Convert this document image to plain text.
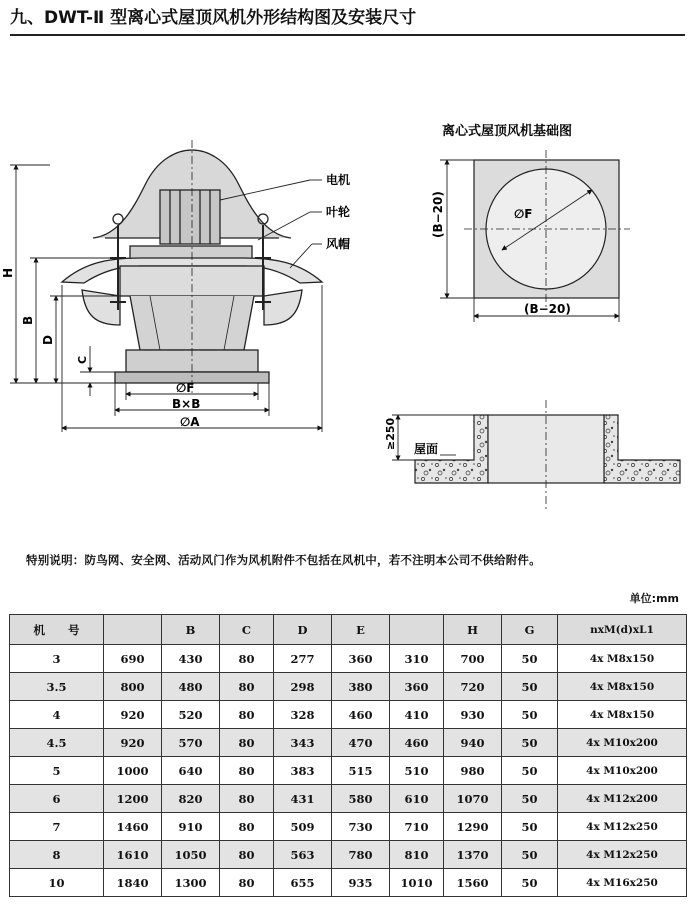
九、DWT-Ⅱ 型离心式屋顶风机外形结构图及安装尺寸
电机
叶轮
风帽
H
B
D
C
∅F
B×B
∅A
离心式屋顶风机基础图
∅F
(B−20)
(B−20)
≥250 屋面
特别说明：防鸟网、安全网、活动风门作为风机附件不包括在风机中，若不注明本公司不供给附件。
单位:mm
机　　号		B	C	D	E		H	G	nxM(d)xL1
3	690	430	80	277	360	310	700	50	4x M8x150
3.5	800	480	80	298	380	360	720	50	4x M8x150
4	920	520	80	328	460	410	930	50	4x M8x150
4.5	920	570	80	343	470	460	940	50	4x M10x200
5	1000	640	80	383	515	510	980	50	4x M10x200
6	1200	820	80	431	580	610	1070	50	4x M12x200
7	1460	910	80	509	730	710	1290	50	4x M12x250
8	1610	1050	80	563	780	810	1370	50	4x M12x250
10	1840	1300	80	655	935	1010	1560	50	4x M16x250
